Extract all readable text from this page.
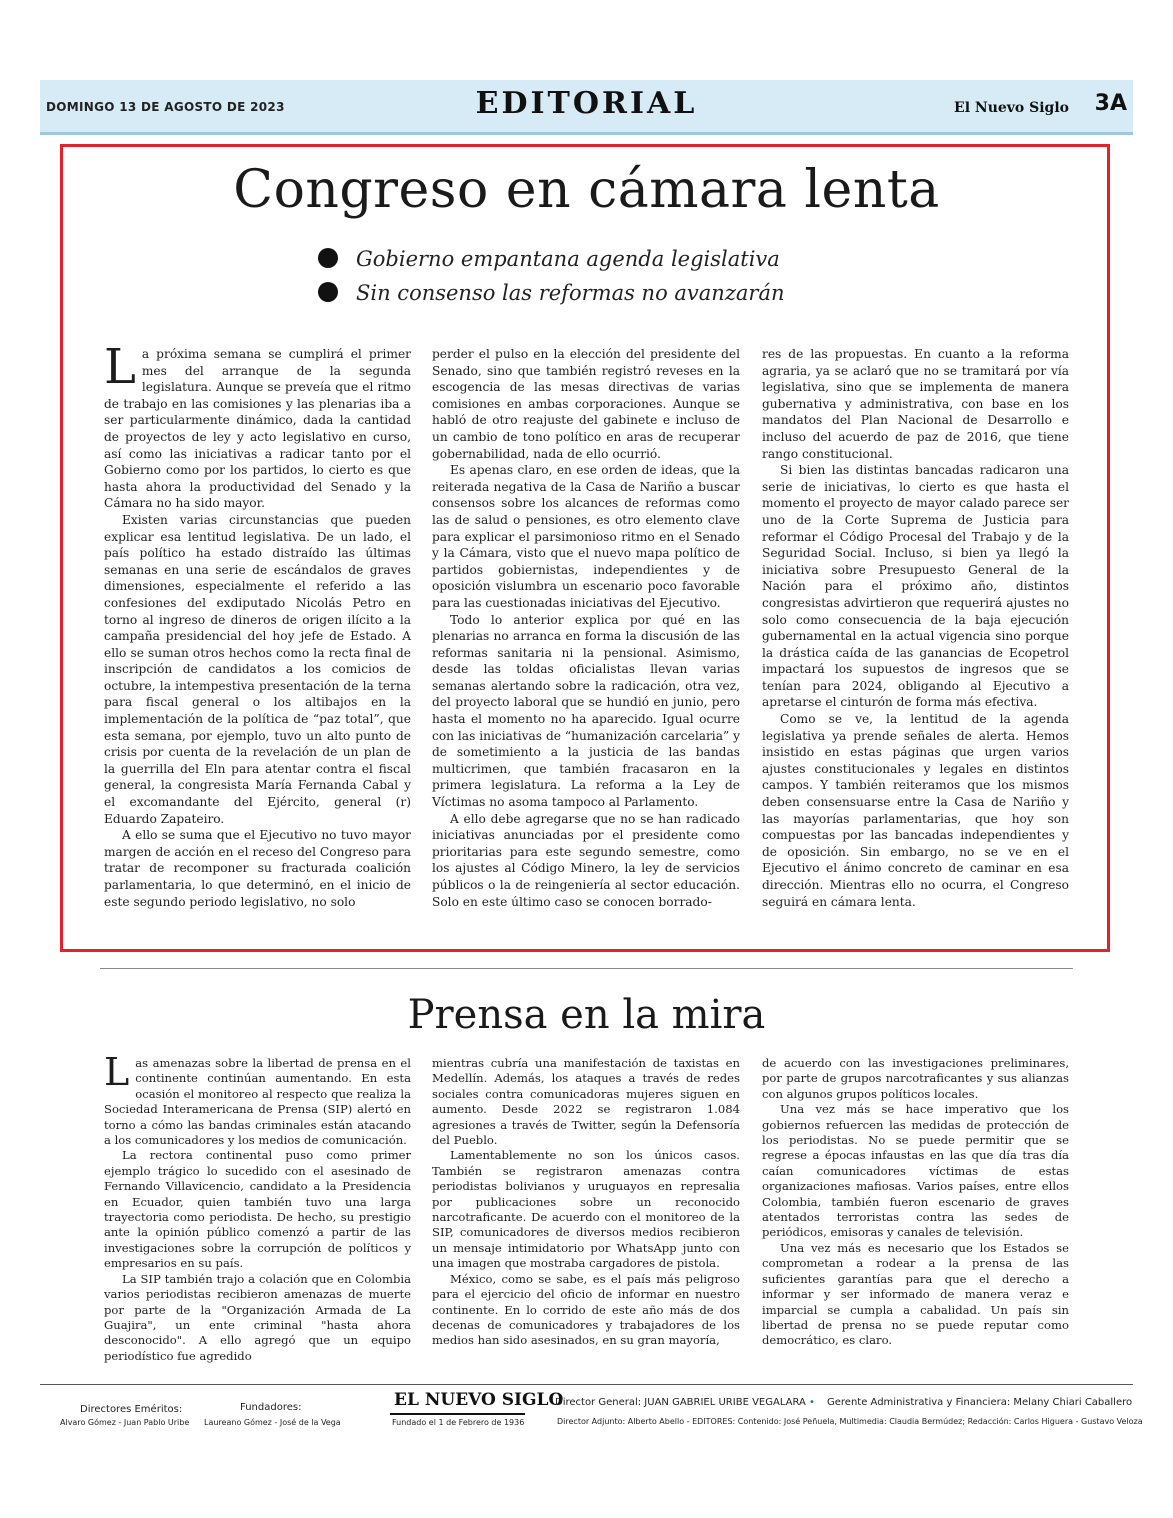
DOMINGO 13 DE AGOSTO DE 2023	EDITORIAL	El Nuevo Siglo 3A
Congreso en cámara lenta
Gobierno empantana agenda legislativa
Sin consenso las reformas no avanzarán

La próxima semana se cumplirá el primer mes del arranque de la segunda legislatura. Aunque se preveía que el ritmo de trabajo en las comisiones y las plenarias iba a ser particularmente dinámico, dada la cantidad de proyectos de ley y acto legislativo en curso, así como las iniciativas a radicar tanto por el Gobierno como por los partidos, lo cierto es que hasta ahora la productividad del Senado y la Cámara no ha sido mayor.

Existen varias circunstancias que pueden explicar esa lentitud legislativa. De un lado, el país político ha estado distraído las últimas semanas en una serie de escándalos de graves dimensiones, especialmente el referido a las confesiones del exdiputado Nicolás Petro en torno al ingreso de dineros de origen ilícito a la campaña presidencial del hoy jefe de Estado. A ello se suman otros hechos como la recta final de inscripción de candidatos a los comicios de octubre, la intempestiva presentación de la terna para fiscal general o los altibajos en la implementación de la política de “paz total”, que esta semana, por ejemplo, tuvo un alto punto de crisis por cuenta de la revelación de un plan de la guerrilla del Eln para atentar contra el fiscal general, la congresista María Fernanda Cabal y el excomandante del Ejército, general (r) Eduardo Zapateiro.

A ello se suma que el Ejecutivo no tuvo mayor margen de acción en el receso del Congreso para tratar de recomponer su fracturada coalición parlamentaria, lo que determinó, en el inicio de este segundo periodo legislativo, no solo

perder el pulso en la elección del presidente del Senado, sino que también registró reveses en la escogencia de las mesas directivas de varias comisiones en ambas corporaciones. Aunque se habló de otro reajuste del gabinete e incluso de un cambio de tono político en aras de recuperar gobernabilidad, nada de ello ocurrió.

Es apenas claro, en ese orden de ideas, que la reiterada negativa de la Casa de Nariño a buscar consensos sobre los alcances de reformas como las de salud o pensiones, es otro elemento clave para explicar el parsimonioso ritmo en el Senado y la Cámara, visto que el nuevo mapa político de partidos gobiernistas, independientes y de oposición vislumbra un escenario poco favorable para las cuestionadas iniciativas del Ejecutivo.

Todo lo anterior explica por qué en las plenarias no arranca en forma la discusión de las reformas sanitaria ni la pensional. Asimismo, desde las toldas oficialistas llevan varias semanas alertando sobre la radicación, otra vez, del proyecto laboral que se hundió en junio, pero hasta el momento no ha aparecido. Igual ocurre con las iniciativas de “humanización carcelaria” y de sometimiento a la justicia de las bandas multicrimen, que también fracasaron en la primera legislatura. La reforma a la Ley de Víctimas no asoma tampoco al Parlamento.

A ello debe agregarse que no se han radicado iniciativas anunciadas por el presidente como prioritarias para este segundo semestre, como los ajustes al Código Minero, la ley de servicios públicos o la de reingeniería al sector educación. Solo en este último caso se conocen borrado-

res de las propuestas. En cuanto a la reforma agraria, ya se aclaró que no se tramitará por vía legislativa, sino que se implementa de manera gubernativa y administrativa, con base en los mandatos del Plan Nacional de Desarrollo e incluso del acuerdo de paz de 2016, que tiene rango constitucional.

Si bien las distintas bancadas radicaron una serie de iniciativas, lo cierto es que hasta el momento el proyecto de mayor calado parece ser uno de la Corte Suprema de Justicia para reformar el Código Procesal del Trabajo y de la Seguridad Social. Incluso, si bien ya llegó la iniciativa sobre Presupuesto General de la Nación para el próximo año, distintos congresistas advirtieron que requerirá ajustes no solo como consecuencia de la baja ejecución gubernamental en la actual vigencia sino porque la drástica caída de las ganancias de Ecopetrol impactará los supuestos de ingresos que se tenían para 2024, obligando al Ejecutivo a apretarse el cinturón de forma más efectiva.

Como se ve, la lentitud de la agenda legislativa ya prende señales de alerta. Hemos insistido en estas páginas que urgen varios ajustes constitucionales y legales en distintos campos. Y también reiteramos que los mismos deben consensuarse entre la Casa de Nariño y las mayorías parlamentarias, que hoy son compuestas por las bancadas independientes y de oposición. Sin embargo, no se ve en el Ejecutivo el ánimo concreto de caminar en esa dirección. Mientras ello no ocurra, el Congreso seguirá en cámara lenta.

Prensa en la mira

Las amenazas sobre la libertad de prensa en el continente continúan aumentando. En esta ocasión el monitoreo al respecto que realiza la Sociedad Interamericana de Prensa (SIP) alertó en torno a cómo las bandas criminales están atacando a los comunicadores y los medios de comunicación.

La rectora continental puso como primer ejemplo trágico lo sucedido con el asesinado de Fernando Villavicencio, candidato a la Presidencia en Ecuador, quien también tuvo una larga trayectoria como periodista. De hecho, su prestigio ante la opinión público comenzó a partir de las investigaciones sobre la corrupción de políticos y empresarios en su país.

La SIP también trajo a colación que en Colombia varios periodistas recibieron amenazas de muerte por parte de la "Organización Armada de La Guajira", un ente criminal "hasta ahora desconocido". A ello agregó que un equipo periodístico fue agredido

mientras cubría una manifestación de taxistas en Medellín. Además, los ataques a través de redes sociales contra comunicadoras mujeres siguen en aumento. Desde 2022 se registraron 1.084 agresiones a través de Twitter, según la Defensoría del Pueblo.

Lamentablemente no son los únicos casos. También se registraron amenazas contra periodistas bolivianos y uruguayos en represalia por publicaciones sobre un reconocido narcotraficante. De acuerdo con el monitoreo de la SIP, comunicadores de diversos medios recibieron un mensaje intimidatorio por WhatsApp junto con una imagen que mostraba cargadores de pistola.

México, como se sabe, es el país más peligroso para el ejercicio del oficio de informar en nuestro continente. En lo corrido de este año más de dos decenas de comunicadores y trabajadores de los medios han sido asesinados, en su gran mayoría,

de acuerdo con las investigaciones preliminares, por parte de grupos narcotraficantes y sus alianzas con algunos grupos políticos locales.

Una vez más se hace imperativo que los gobiernos refuercen las medidas de protección de los periodistas. No se puede permitir que se regrese a épocas infaustas en las que día tras día caían comunicadores víctimas de estas organizaciones mafiosas. Varios países, entre ellos Colombia, también fueron escenario de graves atentados terroristas contra las sedes de periódicos, emisoras y canales de televisión.

Una vez más es necesario que los Estados se comprometan a rodear a la prensa de las suficientes garantías para que el derecho a informar y ser informado de manera veraz e imparcial se cumpla a cabalidad. Un país sin libertad de prensa no se puede reputar como democrático, es claro.

Directores Eméritos:
Alvaro Gómez - Juan Pablo Uribe
Fundadores:
Laureano Gómez - José de la Vega
EL NUEVO SIGLO
Fundado el 1 de Febrero de 1936
Director General: JUAN GABRIEL URIBE VEGALARA • Gerente Administrativa y Financiera: Melany Chiari Caballero
Director Adjunto: Alberto Abello - EDITORES: Contenido: José Peñuela, Multimedia: Claudia Bermúdez; Redacción: Carlos Higuera - Gustavo Veloza
